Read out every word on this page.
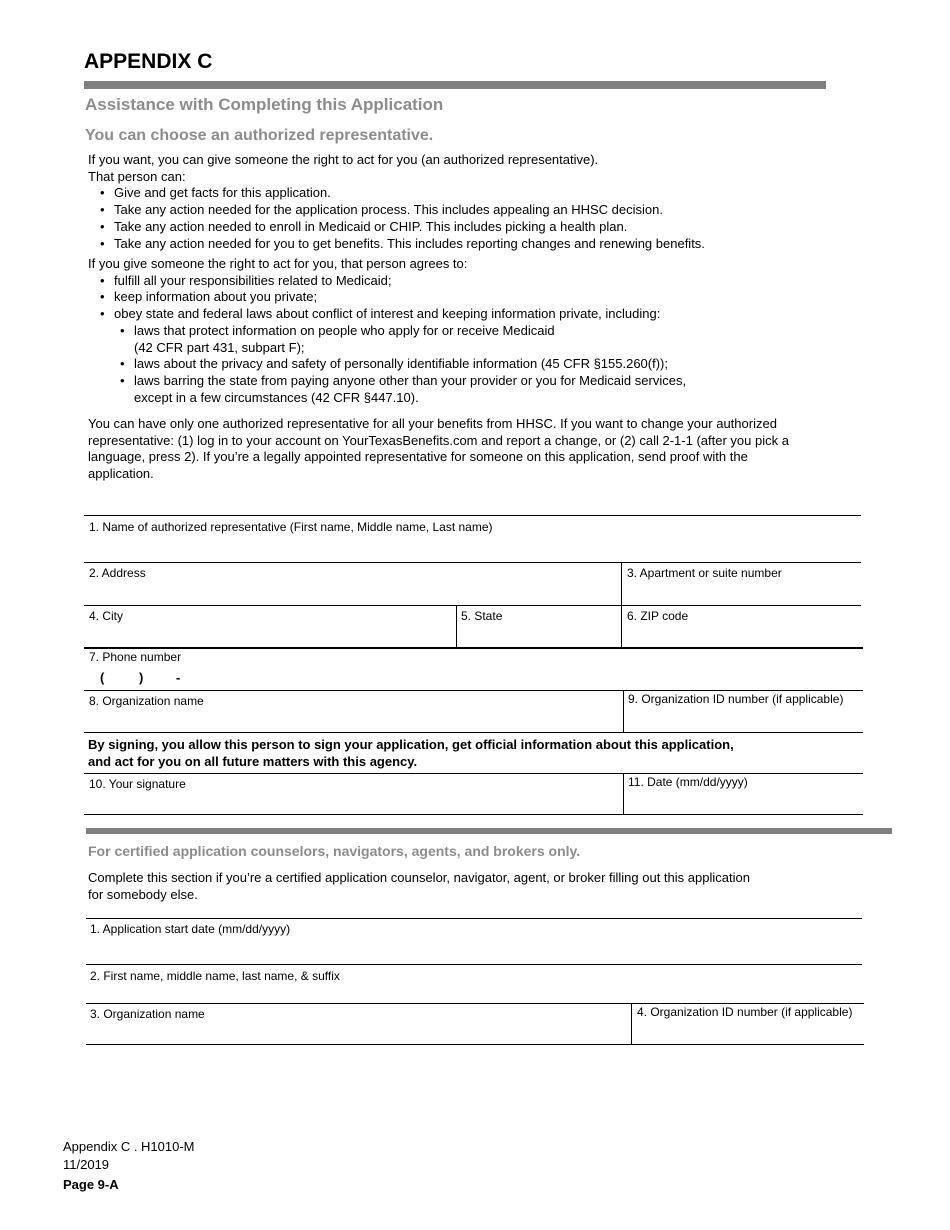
APPENDIX C
Assistance with Completing this Application
You can choose an authorized representative.
If you want, you can give someone the right to act for you (an authorized representative).
That person can:
• Give and get facts for this application.
• Take any action needed for the application process. This includes appealing an HHSC decision.
• Take any action needed to enroll in Medicaid or CHIP. This includes picking a health plan.
• Take any action needed for you to get benefits. This includes reporting changes and renewing benefits.
If you give someone the right to act for you, that person agrees to:
• fulfill all your responsibilities related to Medicaid;
• keep information about you private;
• obey state and federal laws about conflict of interest and keeping information private, including:
• laws that protect information on people who apply for or receive Medicaid
(42 CFR part 431, subpart F);
• laws about the privacy and safety of personally identifiable information (45 CFR §155.260(f));
• laws barring the state from paying anyone other than your provider or you for Medicaid services,
except in a few circumstances (42 CFR §447.10).
You can have only one authorized representative for all your benefits from HHSC. If you want to change your authorized representative: (1) log in to your account on YourTexasBenefits.com and report a change, or (2) call 2-1-1 (after you pick a language, press 2). If you’re a legally appointed representative for someone on this application, send proof with the application.
1. Name of authorized representative (First name, Middle name, Last name)
2. Address	3. Apartment or suite number
4. City	5. State	6. ZIP code
7. Phone number
(	)	-
8. Organization name	9. Organization ID number (if applicable)
By signing, you allow this person to sign your application, get official information about this application,
and act for you on all future matters with this agency.
10. Your signature	11. Date (mm/dd/yyyy)
For certified application counselors, navigators, agents, and brokers only.
Complete this section if you’re a certified application counselor, navigator, agent, or broker filling out this application
for somebody else.
1. Application start date (mm/dd/yyyy)
2. First name, middle name, last name, & suffix
3. Organization name	4. Organization ID number (if applicable)
Appendix C . H1010-M
11/2019
Page 9-A
